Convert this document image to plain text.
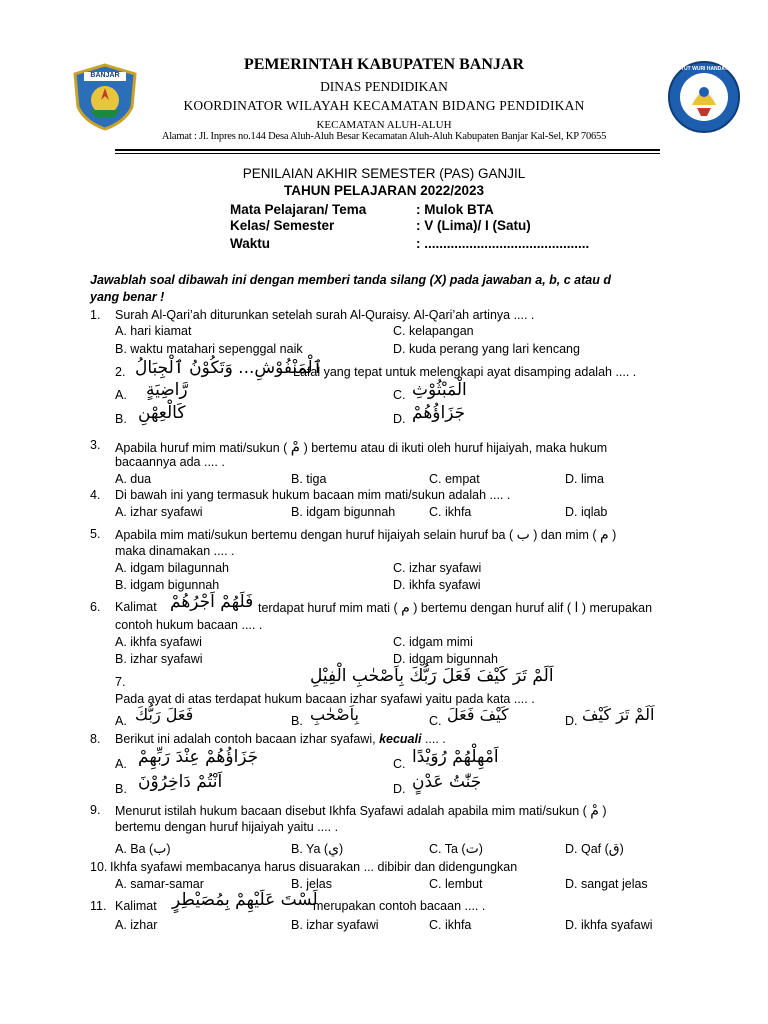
BANJAR
TUT WURI HANDAYANI
PEMERINTAH KABUPATEN BANJAR
DINAS PENDIDIKAN
KOORDINATOR WILAYAH KECAMATAN BIDANG PENDIDIKAN
KECAMATAN ALUH-ALUH
Alamat : Jl. Inpres no.144 Desa Aluh-Aluh Besar Kecamatan Aluh-Aluh Kabupaten Banjar Kal-Sel, KP 70655
PENILAIAN AKHIR SEMESTER (PAS) GANJIL
TAHUN PELAJARAN 2022/2023
Mata Pelajaran/ Tema	: Mulok BTA
Kelas/ Semester	: V (Lima)/ I (Satu)
Waktu	: ............................................
Jawablah soal dibawah ini dengan memberi tanda silang (X) pada jawaban a, b, c atau d
yang benar !
1. Surah Al-Qari’ah diturunkan setelah surah Al-Quraisy. Al-Qari’ah artinya .... .
A. hari kiamat	C. kelapangan
B. waktu matahari sepenggal naik	D. kuda perang yang lari kencang
2. ٱلْمَنْفُوْشِ... وَتَكُوْنُ ٱلْجِبَالُ
Lafal yang tepat untuk melengkapi ayat disamping adalah .... .
A. رَّاضِيَةٍ	C. الْمَبْثُوْثِ
B. كَالْعِهْنِ	D. جَزَاؤُهُمْ
3. Apabila huruf mim mati/sukun ( مْ ) bertemu atau di ikuti oleh huruf hijaiyah, maka hukum
bacaannya ada .... .
A. dua	B. tiga	C. empat	D. lima
4. Di bawah ini yang termasuk hukum bacaan mim mati/sukun adalah .... .
A. izhar syafawi	B. idgam bigunnah	C. ikhfa	D. iqlab
5. Apabila mim mati/sukun bertemu dengan huruf hijaiyah selain huruf ba ( ب ) dan mim ( م )
maka dinamakan .... .
A. idgam bilagunnah	C. izhar syafawi
B. idgam bigunnah	D. ikhfa syafawi
6. Kalimat فَلَهُمْ اَجْرُهُمْ terdapat huruf mim mati ( م ) bertemu dengan huruf alif ( ا ) merupakan
contoh hukum bacaan .... .
A. ikhfa syafawi	C. idgam mimi
B. izhar syafawi	D. idgam bigunnah
7.	اَلَمْ تَرَ كَيْفَ فَعَلَ رَبُّكَ بِاَصْحٰبِ الْفِيْلِ
Pada ayat di atas terdapat hukum bacaan izhar syafawi yaitu pada kata .... .
A. فَعَلَ رَبُّكَ	B. بِاَصْحٰبِ	C. كَيْفَ فَعَلَ	D. اَلَمْ تَرَ كَيْفَ
8. Berikut ini adalah contoh bacaan izhar syafawi, kecuali .... .
A. جَزَاؤُهُمْ عِنْدَ رَبِّهِمْ	C. اَمْهِلْهُمْ رُوَيْدًا
B. اَنْتُمْ دَاخِرُوْنَ	D. جَنّٰتُ عَدْنٍ
9. Menurut istilah hukum bacaan disebut Ikhfa Syafawi adalah apabila mim mati/sukun ( مْ )
bertemu dengan huruf hijaiyah yaitu .... .
A. Ba (ب)	B. Ya (ي)	C. Ta (ت)	D. Qaf (ق)
10. Ikhfa syafawi membacanya harus disuarakan ... dibibir dan didengungkan
A. samar-samar	B. jelas	C. lembut	D. sangat jelas
11. Kalimat لَسْتَ عَلَيْهِمْ بِمُصَيْطِرٍ
merupakan contoh bacaan .... .
A. izhar	B. izhar syafawi	C. ikhfa	D. ikhfa syafawi
